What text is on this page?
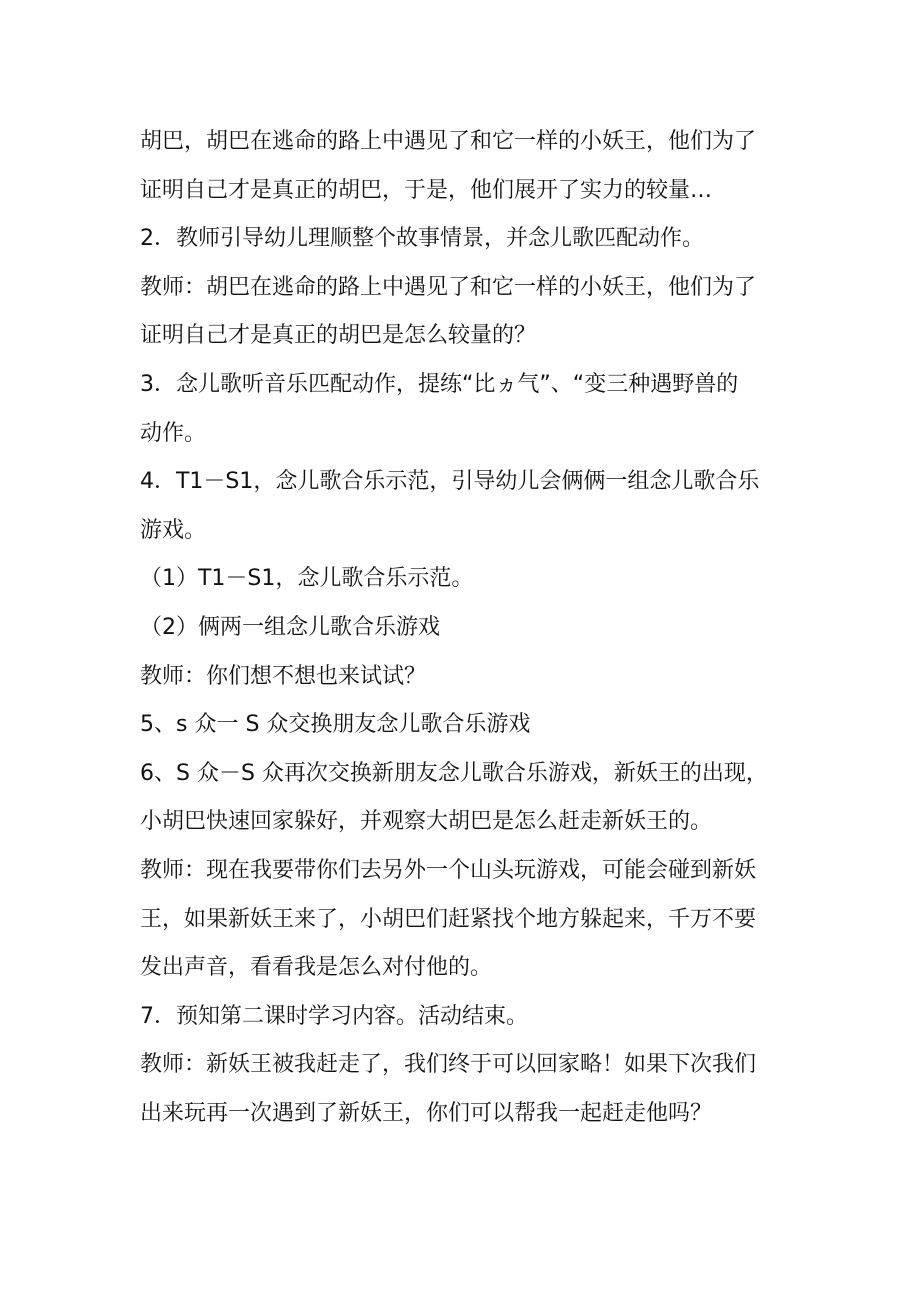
胡巴，胡巴在逃命的路上中遇见了和它一样的小妖王，他们为了
证明自己才是真正的胡巴，于是，他们展开了实力的较量…

2．教师引导幼儿理顺整个故事情景，并念儿歌匹配动作。

教师：胡巴在逃命的路上中遇见了和它一样的小妖王，他们为了
证明自己才是真正的胡巴是怎么较量的？

3．念儿歌听音乐匹配动作，提练“比ヵ气”、“变三种遇野兽的
动作。

4．T1－S1，念儿歌合乐示范，引导幼儿会俩俩一组念儿歌合乐
游戏。

（1）T1－S1，念儿歌合乐示范。

（2）俩两一组念儿歌合乐游戏

教师：你们想不想也来试试？

5、s 众一 S 众交换朋友念儿歌合乐游戏

6、S 众－S 众再次交换新朋友念儿歌合乐游戏，新妖王的出现，
小胡巴快速回家躲好，并观察大胡巴是怎么赶走新妖王的。

教师：现在我要带你们去另外一个山头玩游戏，可能会碰到新妖
王，如果新妖王来了，小胡巴们赶紧找个地方躲起来，千万不要
发出声音，看看我是怎么对付他的。

7．预知第二课时学习内容。活动结束。

教师：新妖王被我赶走了，我们终于可以回家略！如果下次我们
出来玩再一次遇到了新妖王，你们可以帮我一起赶走他吗？
